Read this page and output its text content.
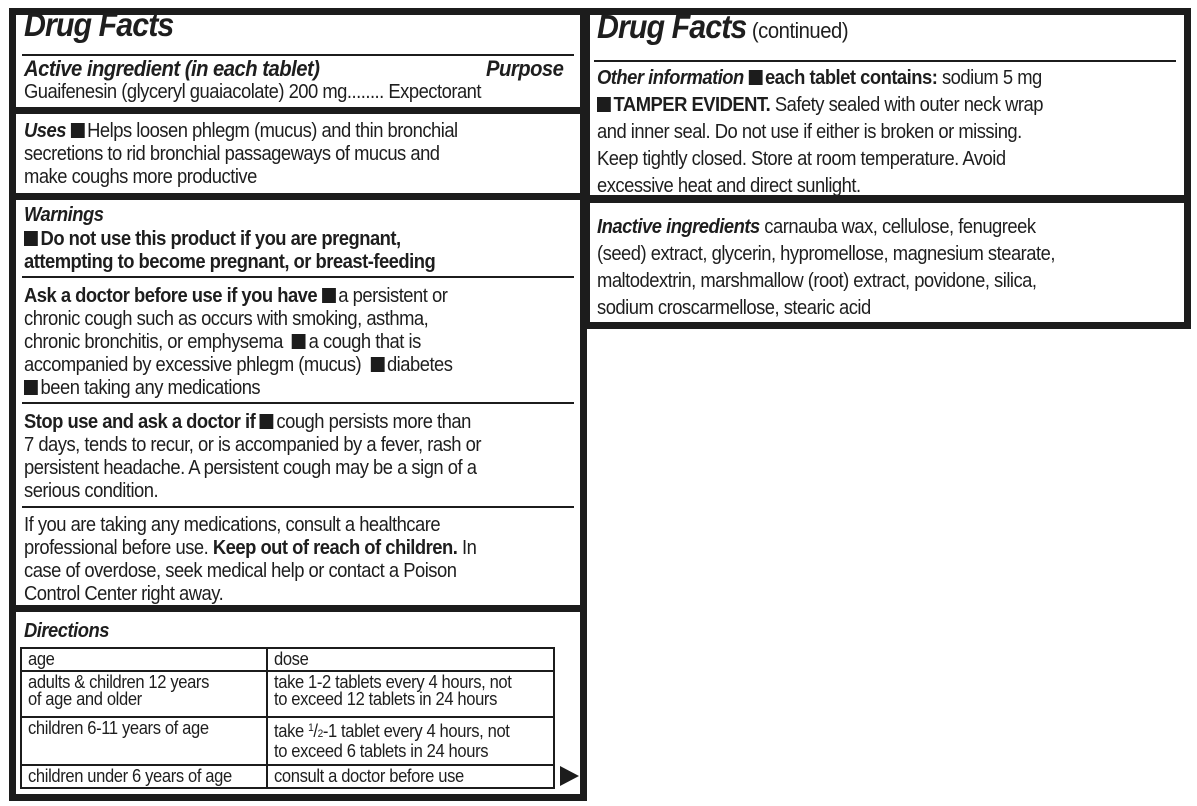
Drug Facts
Active ingredient (in each tablet)	Purpose
Guaifenesin (glyceryl guaiacolate) 200 mg........ Expectorant
Uses Helps loosen phlegm (mucus) and thin bronchial
secretions to rid bronchial passageways of mucus and
make coughs more productive
Warnings
Do not use this product if you are pregnant,
attempting to become pregnant, or breast-feeding
Ask a doctor before use if you have a persistent or
chronic cough such as occurs with smoking, asthma,
chronic bronchitis, or emphysema a cough that is
accompanied by excessive phlegm (mucus) diabetes
been taking any medications
Stop use and ask a doctor if cough persists more than
7 days, tends to recur, or is accompanied by a fever, rash or
persistent headache. A persistent cough may be a sign of a
serious condition.
If you are taking any medications, consult a healthcare
professional before use. Keep out of reach of children. In
case of overdose, seek medical help or contact a Poison
Control Center right away.
Directions
age	dose
adults & children 12 years
of age and older	take 1-2 tablets every 4 hours, not
to exceed 12 tablets in 24 hours
children 6-11 years of age	take $^1$/2-1 tablet every 4 hours, not
to exceed 6 tablets in 24 hours
children under 6 years of age	consult a doctor before use
Drug Facts (continued)
Other information each tablet contains: sodium 5 mg
TAMPER EVIDENT. Safety sealed with outer neck wrap
and inner seal. Do not use if either is broken or missing.
Keep tightly closed. Store at room temperature. Avoid
excessive heat and direct sunlight.
Inactive ingredients carnauba wax, cellulose, fenugreek
(seed) extract, glycerin, hypromellose, magnesium stearate,
maltodextrin, marshmallow (root) extract, povidone, silica,
sodium croscarmellose, stearic acid
